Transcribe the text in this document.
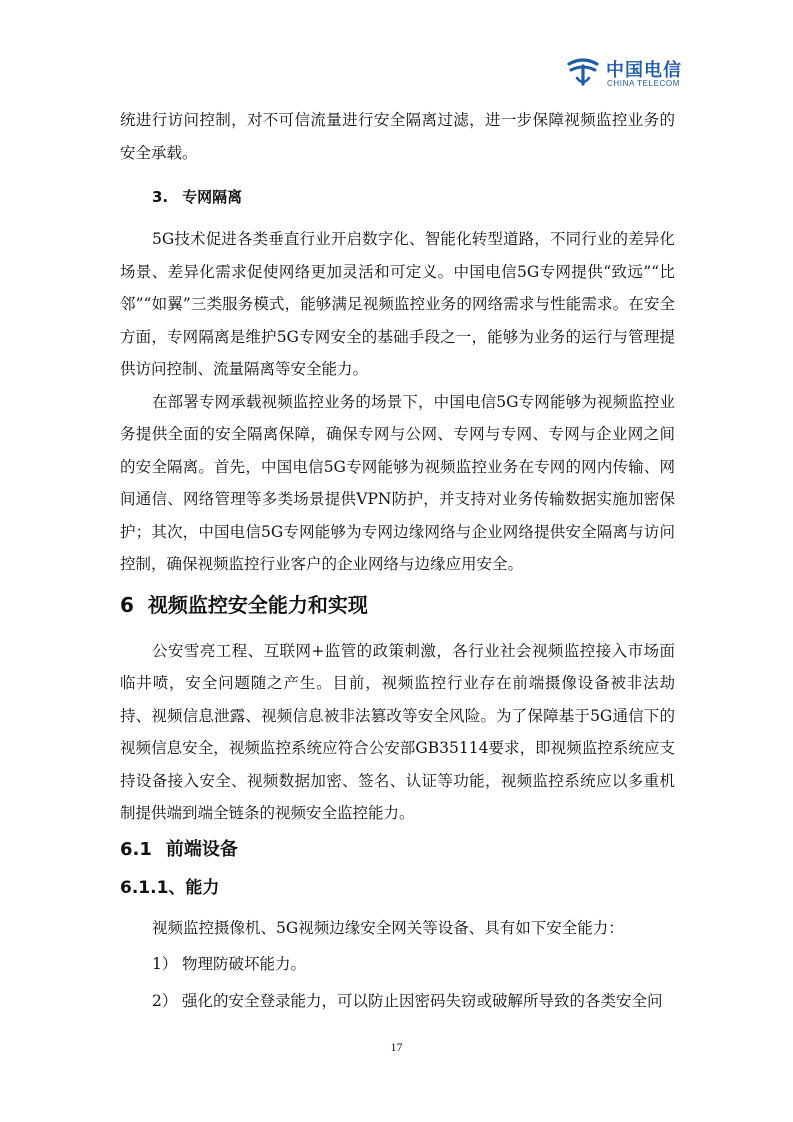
中国电信
CHINA TELECOM

统进行访问控制，对不可信流量进行安全隔离过滤，进一步保障视频监控业务的安全承载。

3. 专网隔离

5G技术促进各类垂直行业开启数字化、智能化转型道路，不同行业的差异化场景、差异化需求促使网络更加灵活和可定义。中国电信5G专网提供“致远”“比邻”“如翼”三类服务模式，能够满足视频监控业务的网络需求与性能需求。在安全方面，专网隔离是维护5G专网安全的基础手段之一，能够为业务的运行与管理提供访问控制、流量隔离等安全能力。

在部署专网承载视频监控业务的场景下，中国电信5G专网能够为视频监控业务提供全面的安全隔离保障，确保专网与公网、专网与专网、专网与企业网之间的安全隔离。首先，中国电信5G专网能够为视频监控业务在专网的网内传输、网间通信、网络管理等多类场景提供VPN防护，并支持对业务传输数据实施加密保护；其次，中国电信5G专网能够为专网边缘网络与企业网络提供安全隔离与访问控制，确保视频监控行业客户的企业网络与边缘应用安全。

6 视频监控安全能力和实现

公安雪亮工程、互联网+监管的政策刺激，各行业社会视频监控接入市场面临井喷，安全问题随之产生。目前，视频监控行业存在前端摄像设备被非法劫持、视频信息泄露、视频信息被非法篡改等安全风险。为了保障基于5G通信下的视频信息安全，视频监控系统应符合公安部GB35114要求，即视频监控系统应支持设备接入安全、视频数据加密、签名、认证等功能，视频监控系统应以多重机制提供端到端全链条的视频安全监控能力。

6.1 前端设备
6.1.1、能力

视频监控摄像机、5G视频边缘安全网关等设备、具有如下安全能力：

1） 物理防破坏能力。
2） 强化的安全登录能力，可以防止因密码失窃或破解所导致的各类安全问
17
